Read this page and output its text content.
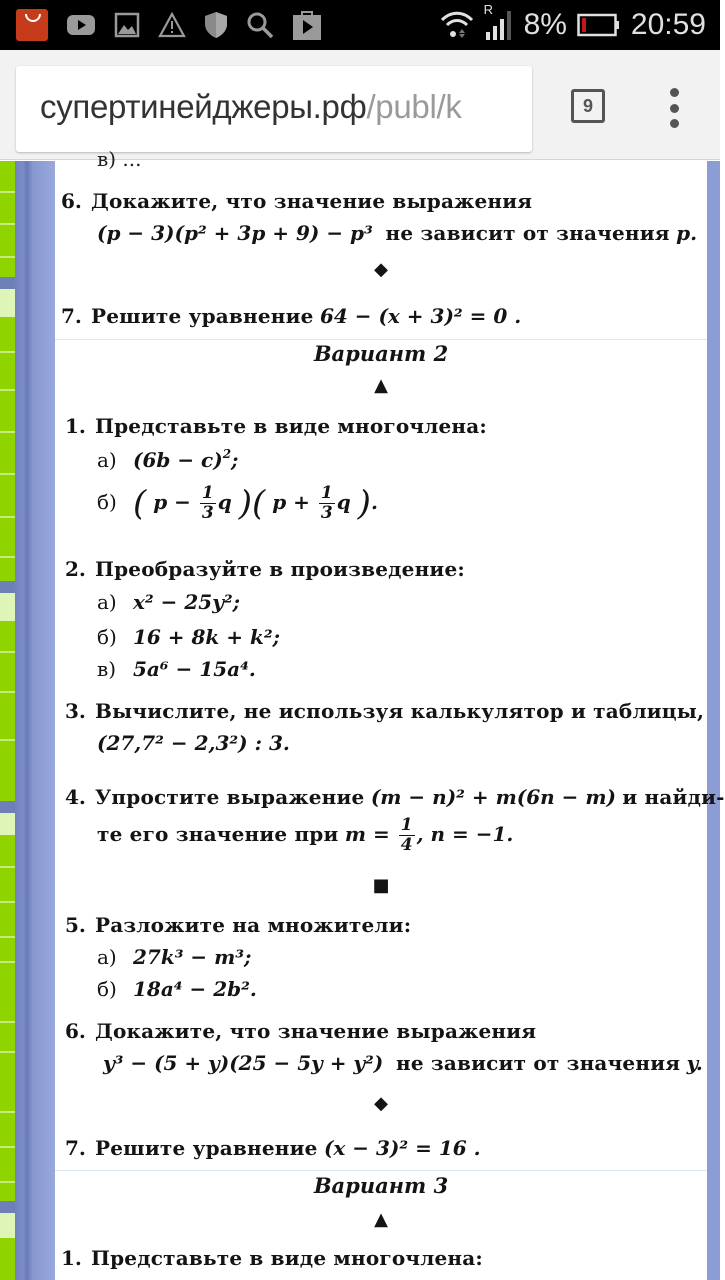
R 8% 20:59
супертинейджеры.рф/publ/k	9
в) ...
6. Докажите, что значение выражения
(p − 3)(p² + 3p + 9) − p³ не зависит от значения p.
◆
7. Решите уравнение 64 − (x + 3)² = 0 .
Вариант 2
▲
1. Представьте в виде многочлена:
а) $(6b - c)^2$;
б) ( $p - \frac{1}{3}$ q )( $p + \frac{1}{3}$ q ).
2. Преобразуйте в произведение:
а) x² − 25y²;
б) 16 + 8k + k²;
в) 5a⁶ − 15a⁴.
3. Вычислите, не используя калькулятор и таблицы,
(27,7² − 2,3²) : 3.
4. Упростите выражение (m − n)² + m(6n − m) и найди-
те его значение при $m = \frac{1}{4}$ , n = −1.
■
5. Разложите на множители:
а) 27k³ − m³;
б) 18a⁴ − 2b².
6. Докажите, что значение выражения
y³ − (5 + y)(25 − 5y + y²) не зависит от значения y.
◆
7. Решите уравнение (x − 3)² = 16 .
Вариант 3
▲
1. Представьте в виде многочлена:
